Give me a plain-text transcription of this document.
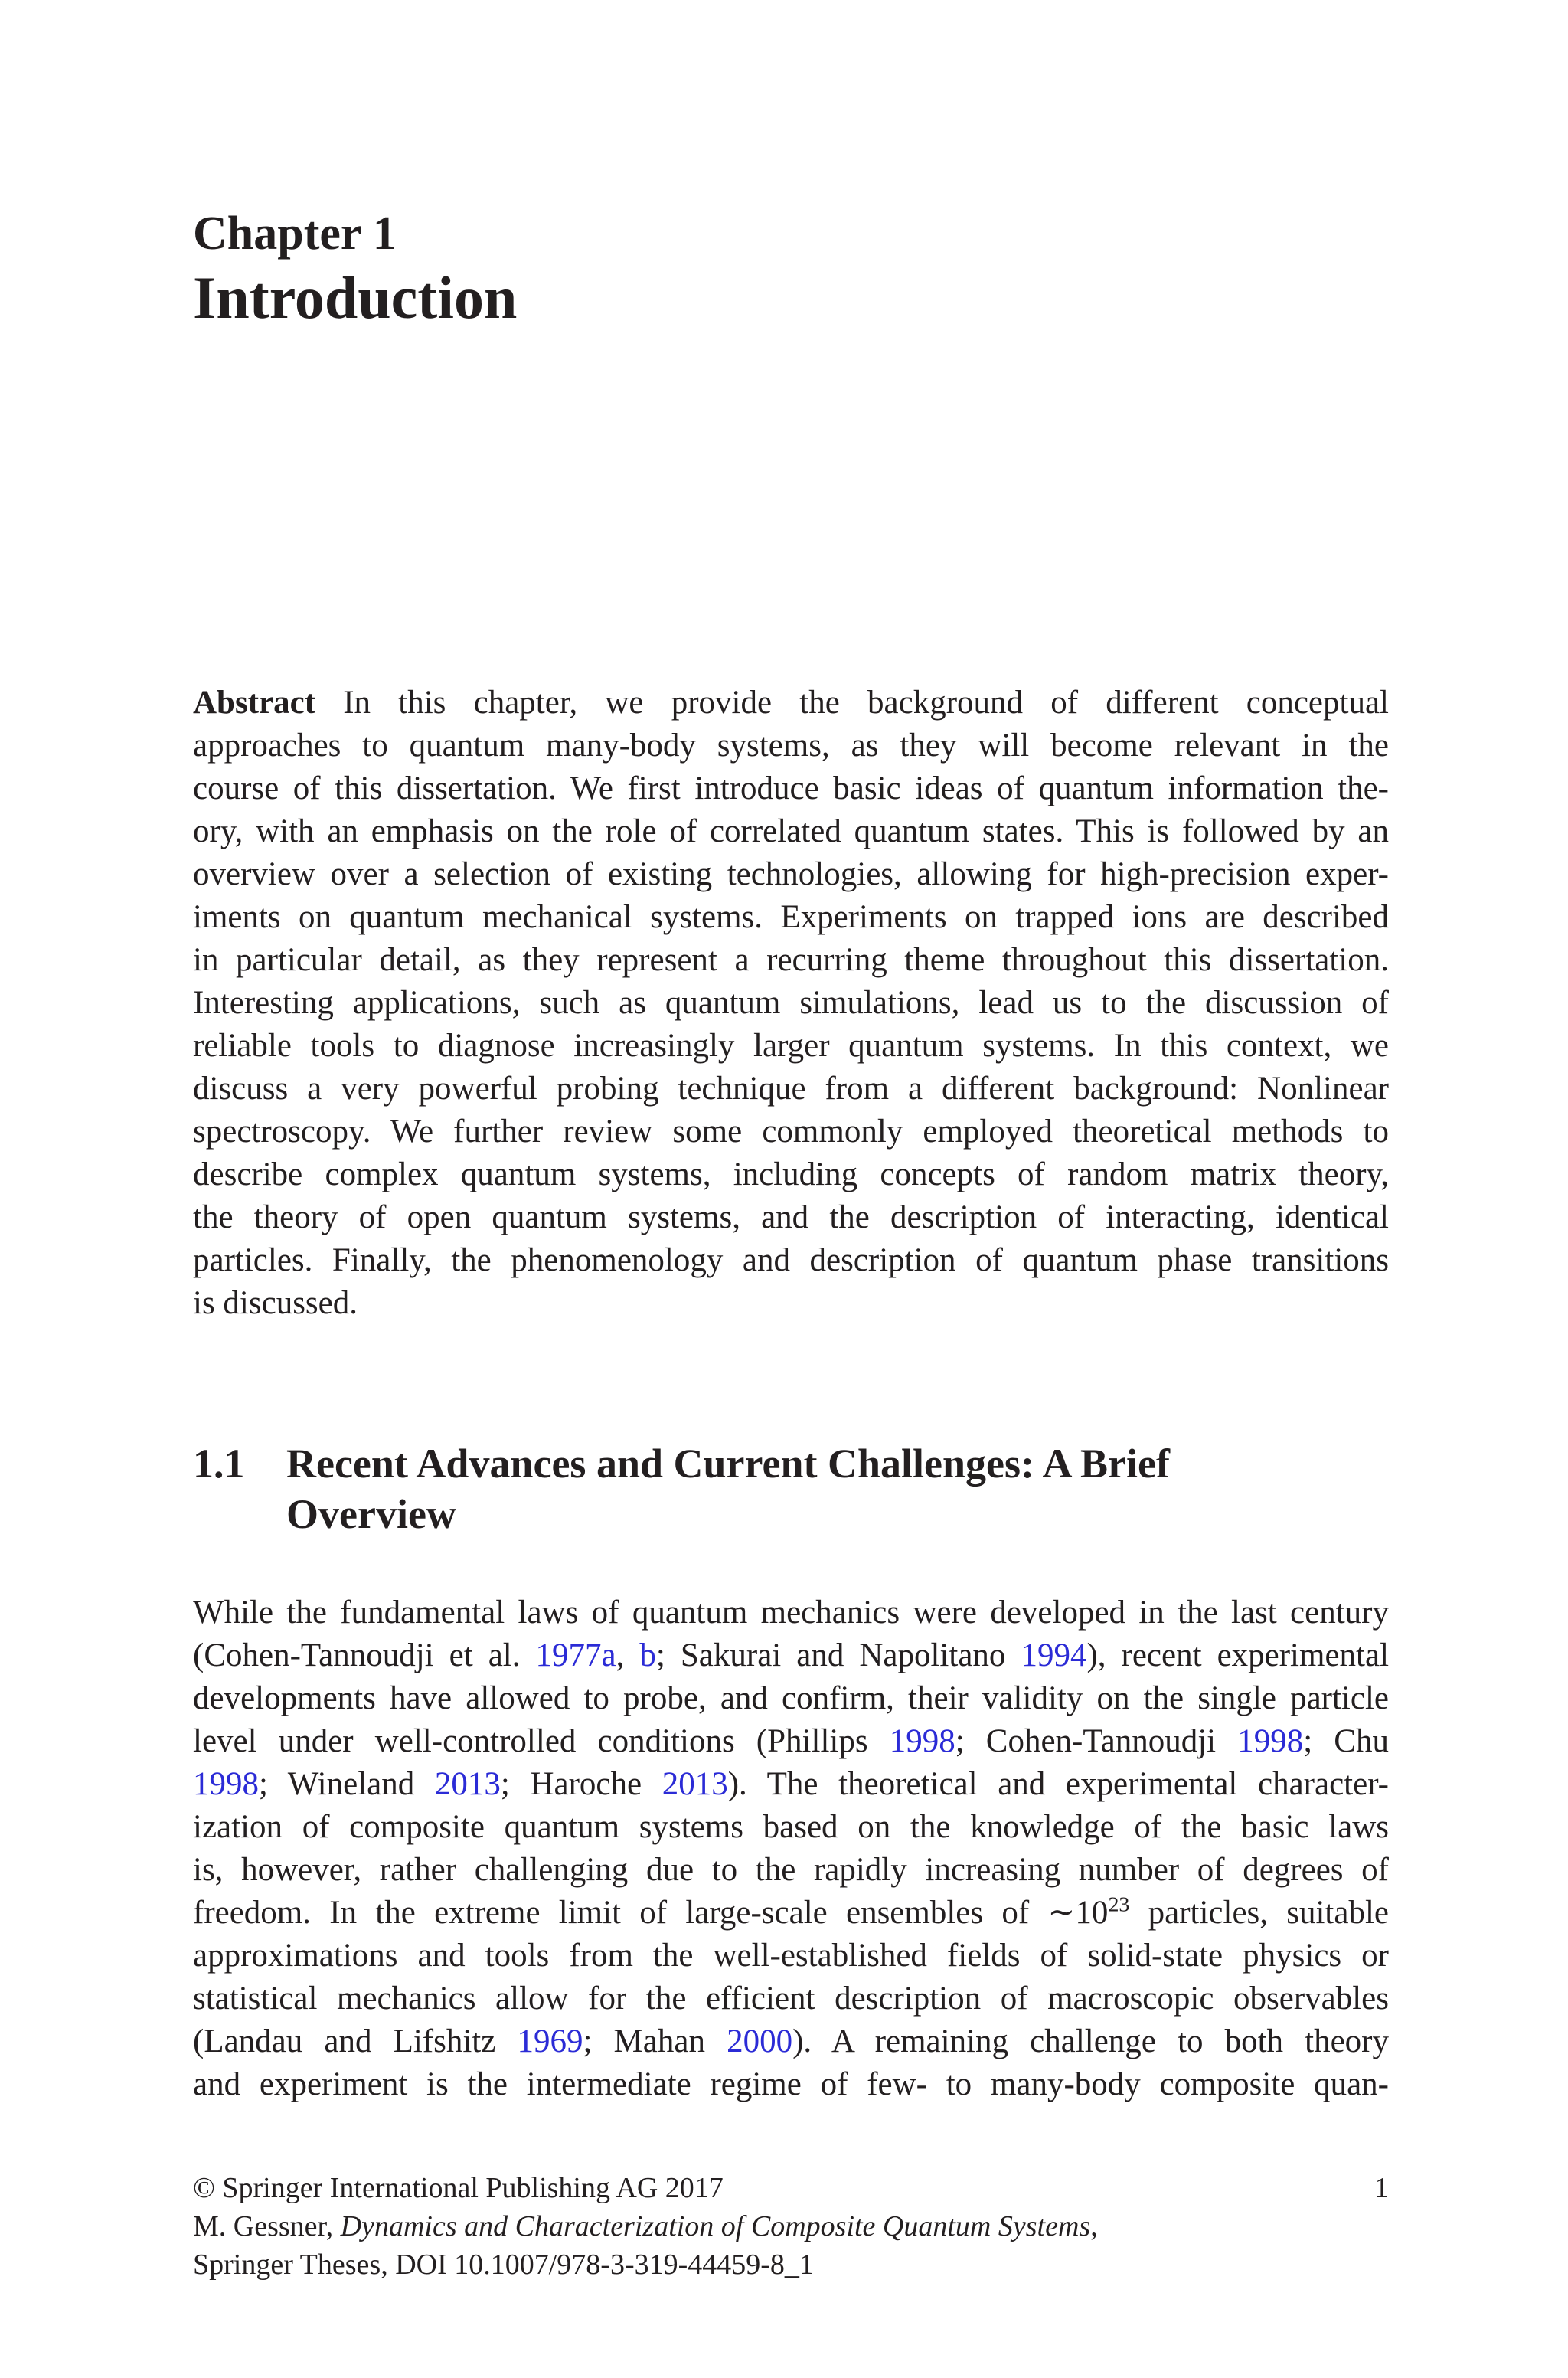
Chapter 1
Introduction
Abstract In this chapter, we provide the background of different conceptual
approaches to quantum many-body systems, as they will become relevant in the
course of this dissertation. We first introduce basic ideas of quantum information the-
ory, with an emphasis on the role of correlated quantum states. This is followed by an
overview over a selection of existing technologies, allowing for high-precision exper-
iments on quantum mechanical systems. Experiments on trapped ions are described
in particular detail, as they represent a recurring theme throughout this dissertation.
Interesting applications, such as quantum simulations, lead us to the discussion of
reliable tools to diagnose increasingly larger quantum systems. In this context, we
discuss a very powerful probing technique from a different background: Nonlinear
spectroscopy. We further review some commonly employed theoretical methods to
describe complex quantum systems, including concepts of random matrix theory,
the theory of open quantum systems, and the description of interacting, identical
particles. Finally, the phenomenology and description of quantum phase transitions
is discussed.
1.1 Recent Advances and Current Challenges: A Brief Overview
While the fundamental laws of quantum mechanics were developed in the last century
(Cohen-Tannoudji et al. 1977a, b; Sakurai and Napolitano 1994), recent experimental
developments have allowed to probe, and confirm, their validity on the single particle
level under well-controlled conditions (Phillips 1998; Cohen-Tannoudji 1998; Chu
1998; Wineland 2013; Haroche 2013). The theoretical and experimental character-
ization of composite quantum systems based on the knowledge of the basic laws
is, however, rather challenging due to the rapidly increasing number of degrees of
freedom. In the extreme limit of large-scale ensembles of $\sim 10^{23}$ particles, suitable
approximations and tools from the well-established fields of solid-state physics or
statistical mechanics allow for the efficient description of macroscopic observables
(Landau and Lifshitz 1969; Mahan 2000). A remaining challenge to both theory
and experiment is the intermediate regime of few- to many-body composite quan-
© Springer International Publishing AG 2017	1
M. Gessner, Dynamics and Characterization of Composite Quantum Systems,
Springer Theses, DOI 10.1007/978-3-319-44459-8_1
